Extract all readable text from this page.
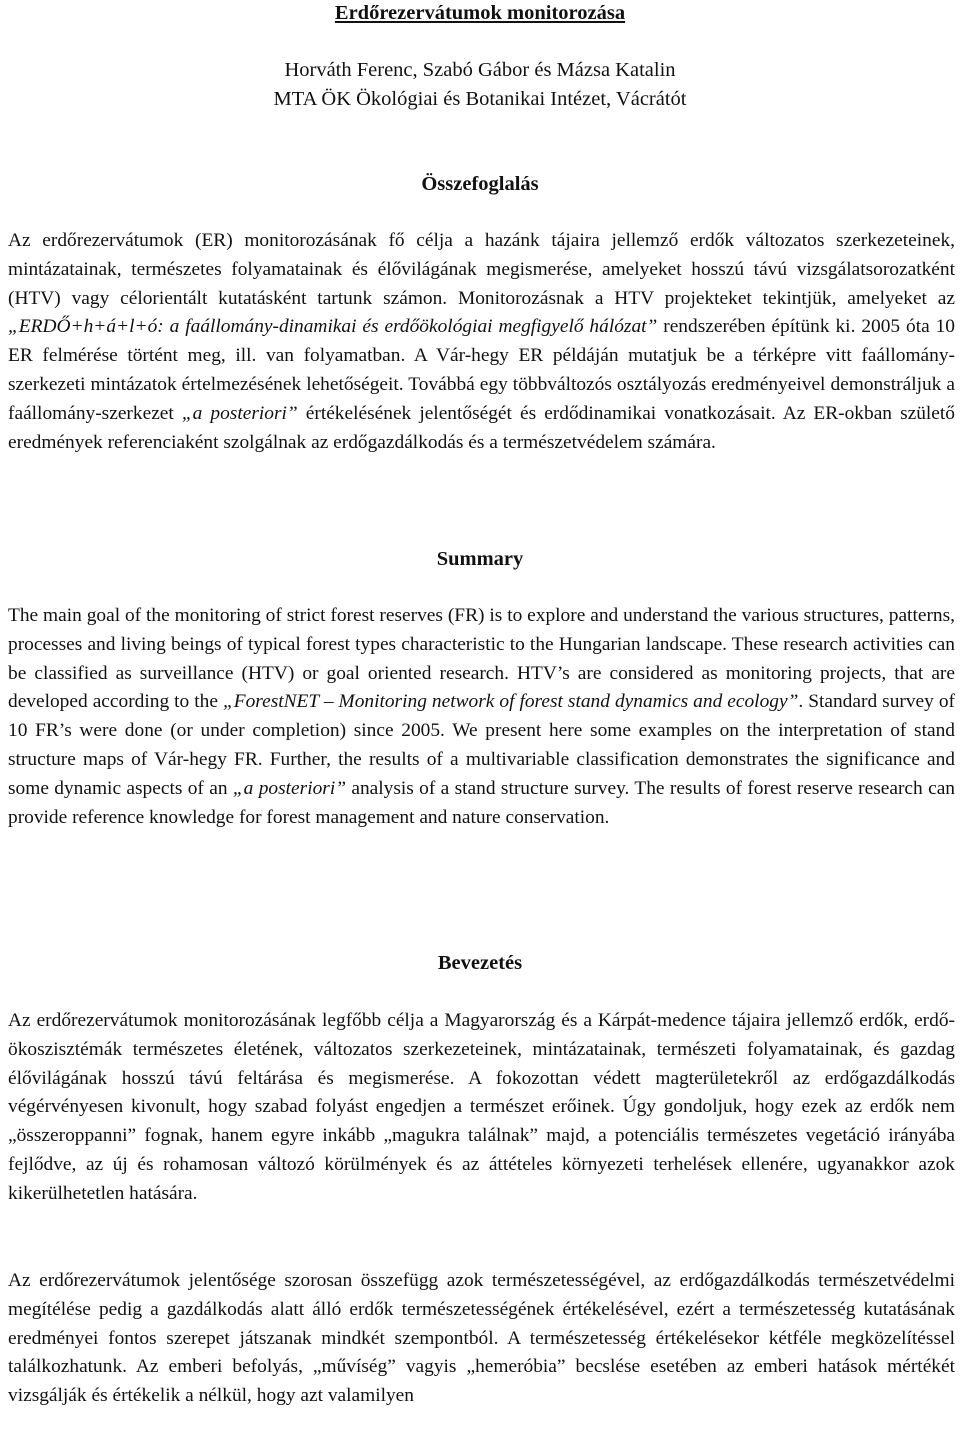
Erdőrezervátumok monitorozása
Horváth Ferenc, Szabó Gábor és Mázsa Katalin
MTA ÖK Ökológiai és Botanikai Intézet, Vácrátót
Összefoglalás

Az erdőrezervátumok (ER) monitorozásának fő célja a hazánk tájaira jellemző erdők változatos szerkezeteinek, mintázatainak, természetes folyamatainak és élővilágának megismerése, amelyeket hosszú távú vizsgálatsorozatként (HTV) vagy célorientált kutatásként tartunk számon. Monitorozásnak a HTV projekteket tekintjük, amelyeket az „ERDŐ+h+á+l+ó: a faállomány-dinamikai és erdőökológiai megfigyelő hálózat” rendszerében építünk ki. 2005 óta 10 ER felmérése történt meg, ill. van folyamatban. A Vár-hegy ER példáján mutatjuk be a térképre vitt faállomány-szerkezeti mintázatok értelmezésének lehetőségeit. Továbbá egy többváltozós osztályozás eredményeivel demonstráljuk a faállomány-szerkezet „a posteriori” értékelésének jelentőségét és erdődinamikai vonatkozásait. Az ER-okban születő eredmények referenciaként szolgálnak az erdőgazdálkodás és a természetvédelem számára.

Summary

The main goal of the monitoring of strict forest reserves (FR) is to explore and understand the various structures, patterns, processes and living beings of typical forest types characteristic to the Hungarian landscape. These research activities can be classified as surveillance (HTV) or goal oriented research. HTV’s are considered as monitoring projects, that are developed according to the „ForestNET – Monitoring network of forest stand dynamics and ecology”. Standard survey of 10 FR’s were done (or under completion) since 2005. We present here some examples on the interpretation of stand structure maps of Vár-hegy FR. Further, the results of a multivariable classification demonstrates the significance and some dynamic aspects of an „a posteriori” analysis of a stand structure survey. The results of forest reserve research can provide reference knowledge for forest management and nature conservation.

Bevezetés

Az erdőrezervátumok monitorozásának legfőbb célja a Magyarország és a Kárpát-medence tájaira jellemző erdők, erdő-ökoszisztémák természetes életének, változatos szerkezeteinek, mintázatainak, természeti folyamatainak, és gazdag élővilágának hosszú távú feltárása és megismerése. A fokozottan védett magterületekről az erdőgazdálkodás végérvényesen kivonult, hogy szabad folyást engedjen a természet erőinek. Úgy gondoljuk, hogy ezek az erdők nem „összeroppanni” fognak, hanem egyre inkább „magukra találnak” majd, a potenciális természetes vegetáció irányába fejlődve, az új és rohamosan változó körülmények és az áttételes környezeti terhelések ellenére, ugyanakkor azok kikerülhetetlen hatására.

Az erdőrezervátumok jelentősége szorosan összefügg azok természetességével, az erdőgazdálkodás természetvédelmi megítélése pedig a gazdálkodás alatt álló erdők természetességének értékelésével, ezért a természetesség kutatásának eredményei fontos szerepet játszanak mindkét szempontból. A természetesség értékelésekor kétféle megközelítéssel találkozhatunk. Az emberi befolyás, „művíség” vagyis „hemeróbia” becslése esetében az emberi hatások mértékét vizsgálják és értékelik a nélkül, hogy azt valamilyen
